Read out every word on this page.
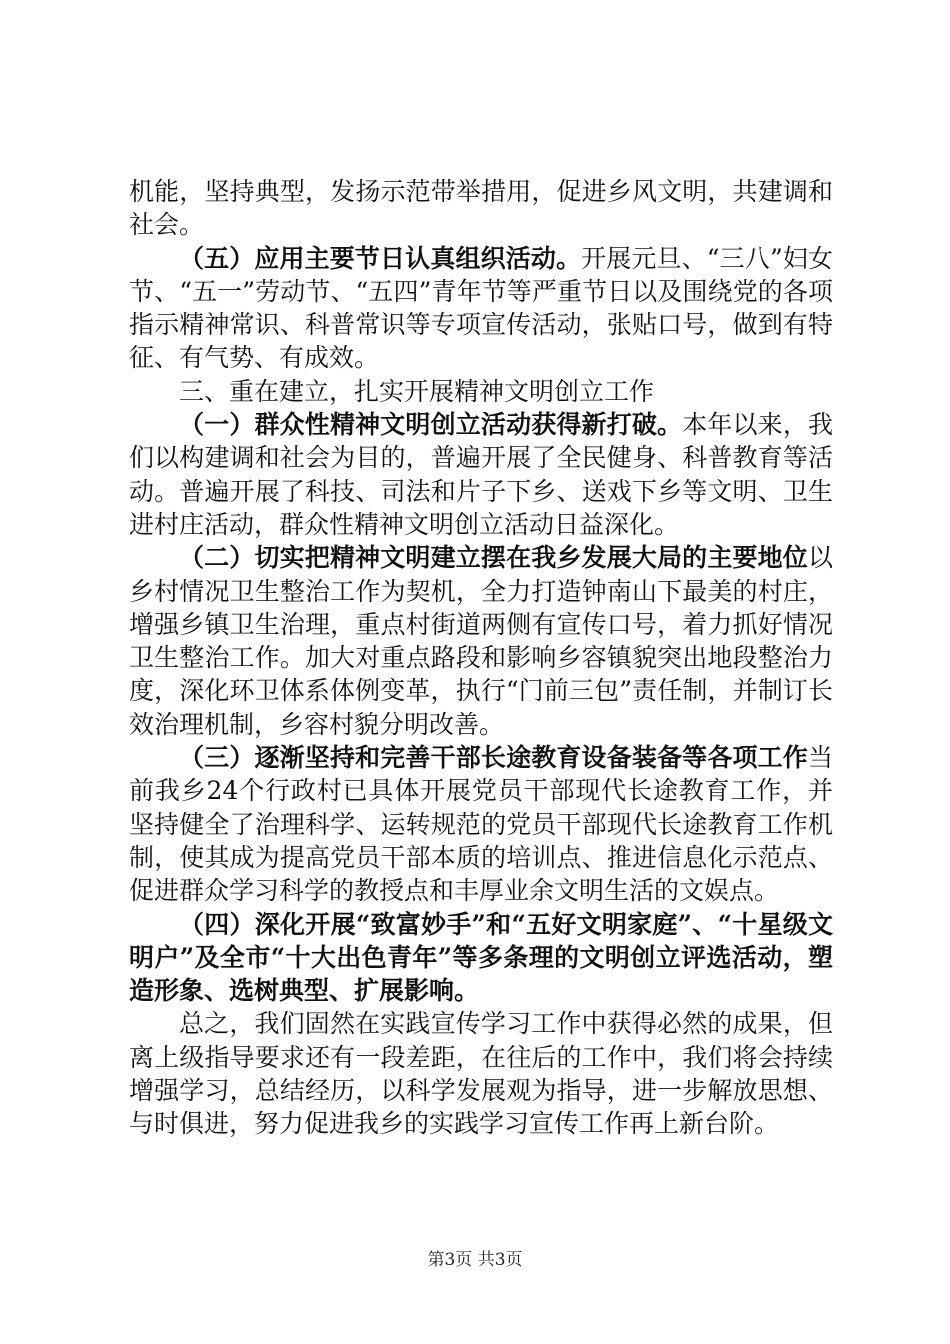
机能，坚持典型，发扬示范带举措用，促进乡风文明，共建调和社会。

（五）应用主要节日认真组织活动。开展元旦、“三八”妇女节、“五一”劳动节、“五四”青年节等严重节日以及围绕党的各项指示精神常识、科普常识等专项宣传活动，张贴口号，做到有特征、有气势、有成效。

三、重在建立，扎实开展精神文明创立工作

（一）群众性精神文明创立活动获得新打破。本年以来，我们以构建调和社会为目的，普遍开展了全民健身、科普教育等活动。普遍开展了科技、司法和片子下乡、送戏下乡等文明、卫生进村庄活动，群众性精神文明创立活动日益深化。

（二）切实把精神文明建立摆在我乡发展大局的主要地位以乡村情况卫生整治工作为契机，全力打造钟南山下最美的村庄，增强乡镇卫生治理，重点村街道两侧有宣传口号，着力抓好情况卫生整治工作。加大对重点路段和影响乡容镇貌突出地段整治力度，深化环卫体系体例变革，执行“门前三包”责任制，并制订长效治理机制，乡容村貌分明改善。

（三）逐渐坚持和完善干部长途教育设备装备等各项工作当前我乡24个行政村已具体开展党员干部现代长途教育工作，并坚持健全了治理科学、运转规范的党员干部现代长途教育工作机制，使其成为提高党员干部本质的培训点、推进信息化示范点、促进群众学习科学的教授点和丰厚业余文明生活的文娱点。

（四）深化开展“致富妙手”和“五好文明家庭”、“十星级文明户”及全市“十大出色青年”等多条理的文明创立评选活动，塑造形象、选树典型、扩展影响。

总之，我们固然在实践宣传学习工作中获得必然的成果，但离上级指导要求还有一段差距，在往后的工作中，我们将会持续增强学习，总结经历，以科学发展观为指导，进一步解放思想、与时俱进，努力促进我乡的实践学习宣传工作再上新台阶。

第3页 共3页
